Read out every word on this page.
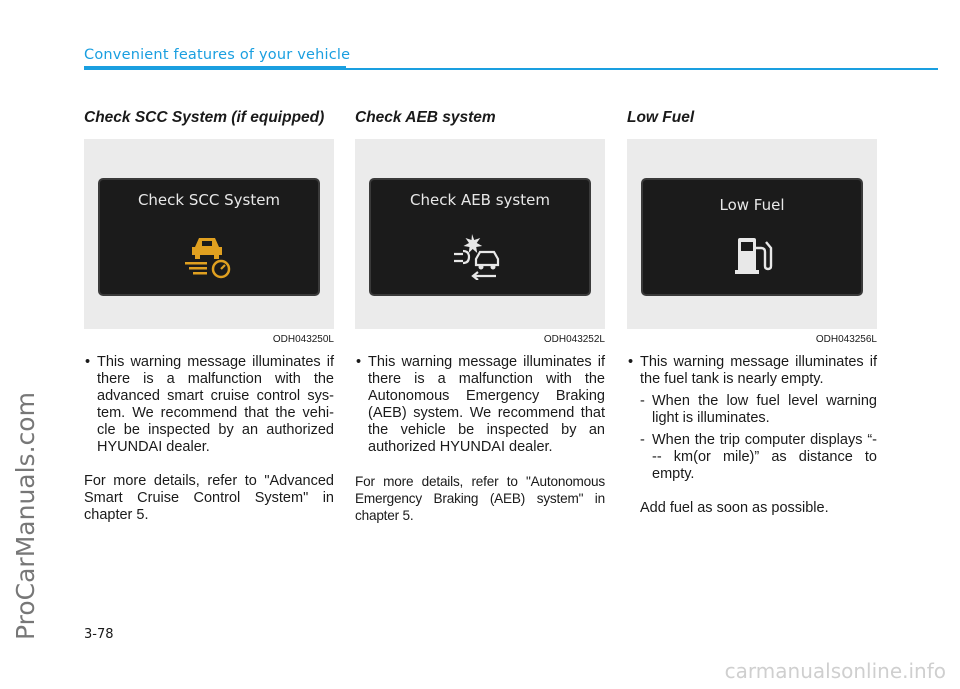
Convenient features of your vehicle
ProCarManuals.com
Check SCC System (if equipped)
Check SCC System
ODH043250L
• This warning message illuminates if there is a malfunction with the advanced smart cruise control sys-tem. We recommend that the vehi-cle be inspected by an authorized HYUNDAI dealer.

For more details, refer to "Advanced Smart Cruise Control System" in chapter 5.

Check AEB system
Check AEB system
ODH043252L
• This warning message illuminates if there is a malfunction with the Autonomous Emergency Braking (AEB) system. We recommend that the vehicle be inspected by an authorized HYUNDAI dealer.

For more details, refer to "Autonomous Emergency Braking (AEB) system" in chapter 5.

Low Fuel
Low Fuel
ODH043256L
• This warning message illuminates if the fuel tank is nearly empty.
- When the low fuel level warning light is illuminates.
- When the trip computer displays “--- km(or mile)” as distance to empty.

Add fuel as soon as possible.

3-78
carmanualsonline.info
